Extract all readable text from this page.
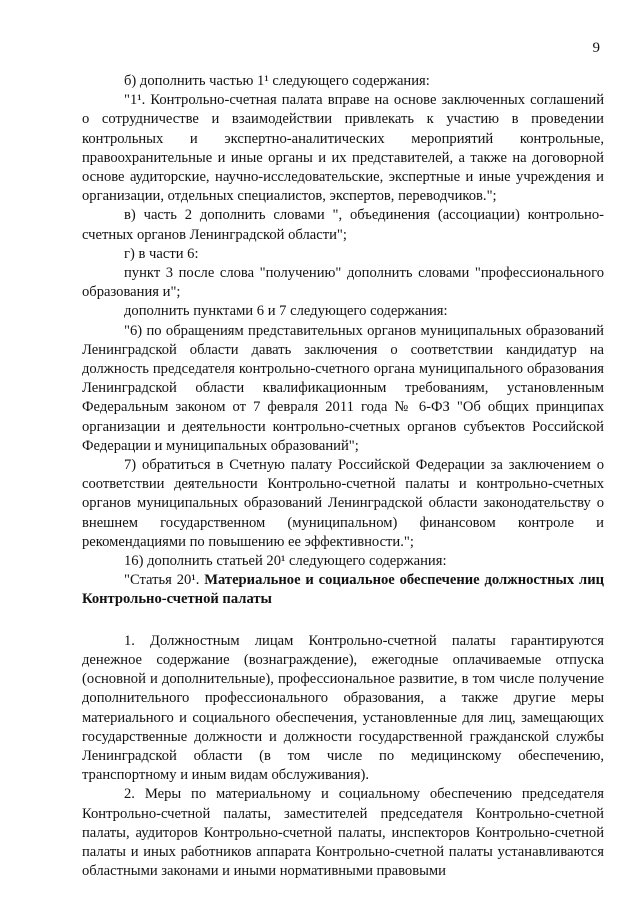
9

б) дополнить частью 1¹ следующего содержания:

"1¹. Контрольно-счетная палата вправе на основе заключенных соглашений о сотрудничестве и взаимодействии привлекать к участию в проведении контрольных и экспертно-аналитических мероприятий контрольные, правоохранительные и иные органы и их представителей, а также на договорной основе аудиторские, научно-исследовательские, экспертные и иные учреждения и организации, отдельных специалистов, экспертов, переводчиков.";

в) часть 2 дополнить словами ", объединения (ассоциации) контрольно-счетных органов Ленинградской области";

г) в части 6:

пункт 3 после слова "получению" дополнить словами "профессионального образования и";

дополнить пунктами 6 и 7 следующего содержания:

"6) по обращениям представительных органов муниципальных образований Ленинградской области давать заключения о соответствии кандидатур на должность председателя контрольно-счетного органа муниципального образования Ленинградской области квалификационным требованиям, установленным Федеральным законом от 7 февраля 2011 года № 6-ФЗ "Об общих принципах организации и деятельности контрольно-счетных органов субъектов Российской Федерации и муниципальных образований";

7) обратиться в Счетную палату Российской Федерации за заключением о соответствии деятельности Контрольно-счетной палаты и контрольно-счетных органов муниципальных образований Ленинградской области законодательству о внешнем государственном (муниципальном) финансовом контроле и рекомендациями по повышению ее эффективности.";

16) дополнить статьей 20¹ следующего содержания:

"Статья 20¹. Материальное и социальное обеспечение должностных лиц Контрольно-счетной палаты

1. Должностным лицам Контрольно-счетной палаты гарантируются денежное содержание (вознаграждение), ежегодные оплачиваемые отпуска (основной и дополнительные), профессиональное развитие, в том числе получение дополнительного профессионального образования, а также другие меры материального и социального обеспечения, установленные для лиц, замещающих государственные должности и должности государственной гражданской службы Ленинградской области (в том числе по медицинскому обеспечению, транспортному и иным видам обслуживания).

2. Меры по материальному и социальному обеспечению председателя Контрольно-счетной палаты, заместителей председателя Контрольно-счетной палаты, аудиторов Контрольно-счетной палаты, инспекторов Контрольно-счетной палаты и иных работников аппарата Контрольно-счетной палаты устанавливаются областными законами и иными нормативными правовыми
